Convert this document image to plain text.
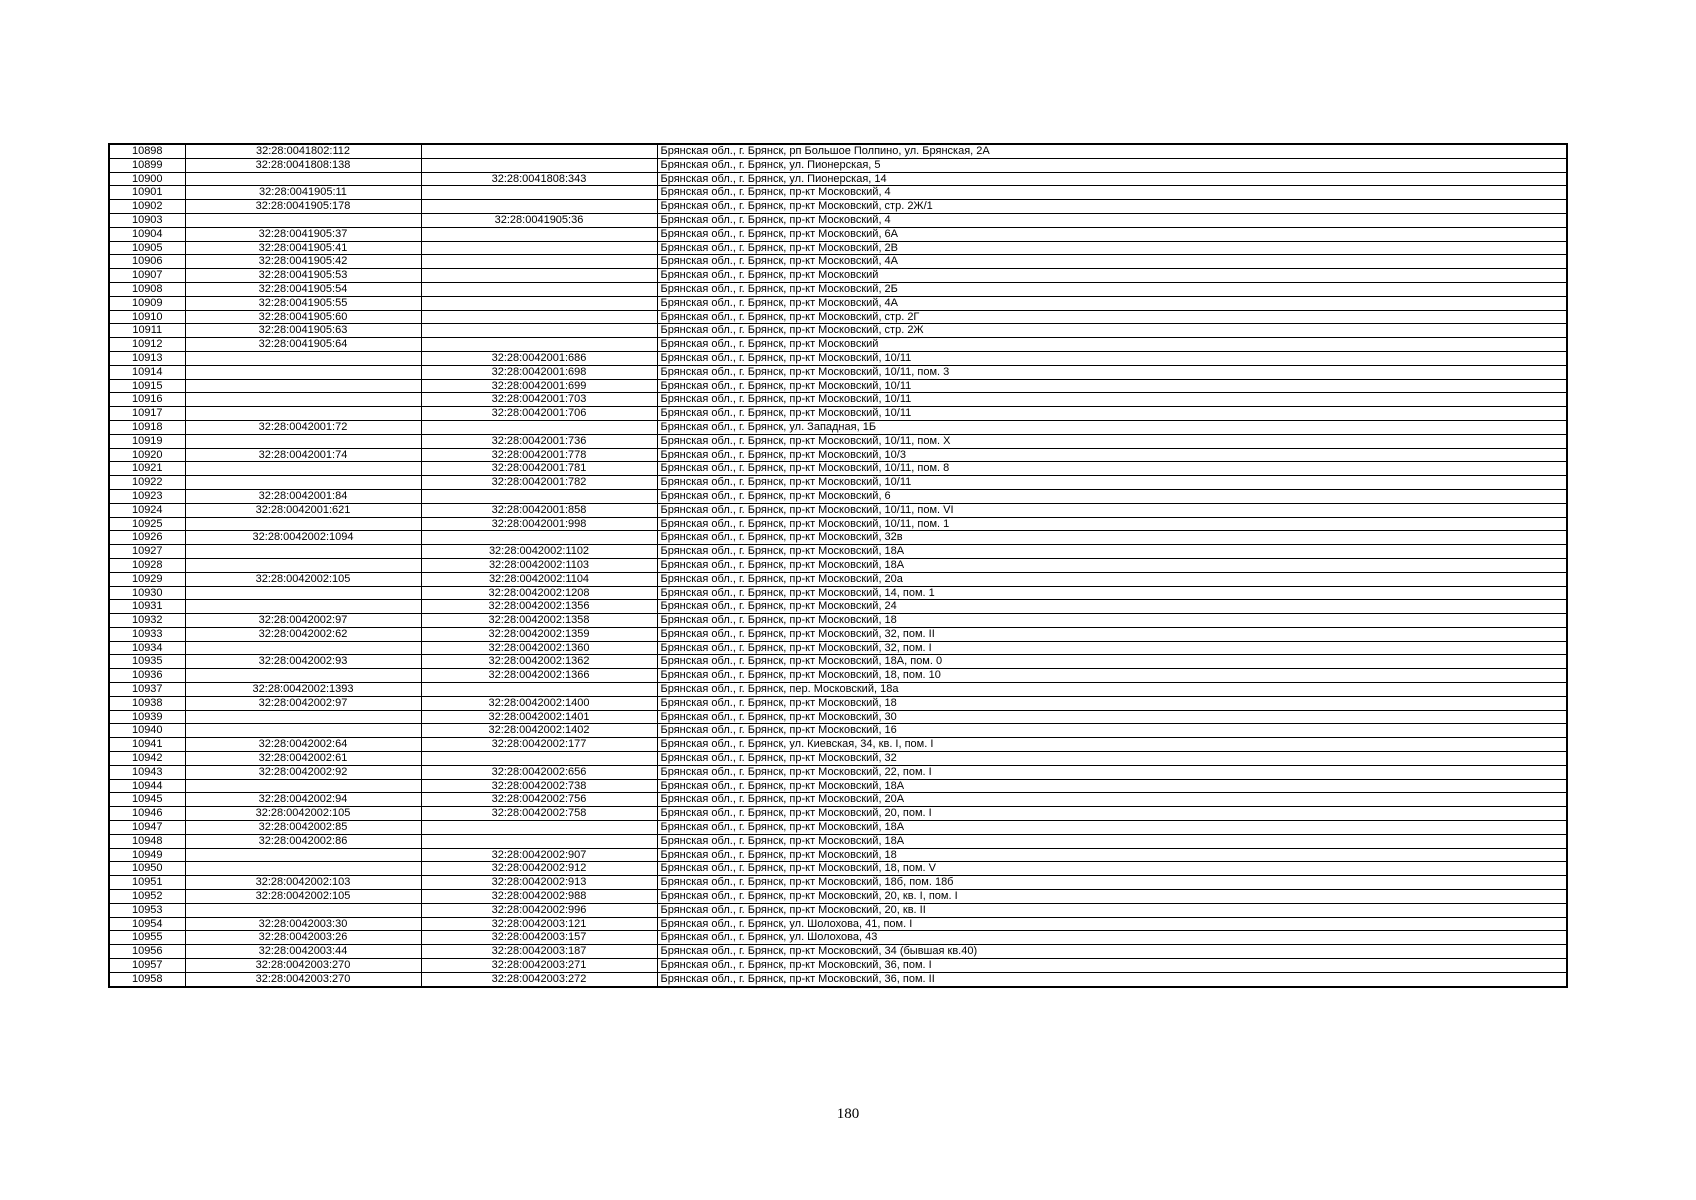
10898	32:28:0041802:112		Брянская обл., г. Брянск, рп Большое Полпино, ул. Брянская, 2А
10899	32:28:0041808:138		Брянская обл., г. Брянск, ул. Пионерская, 5
10900		32:28:0041808:343	Брянская обл., г. Брянск, ул. Пионерская, 14
10901	32:28:0041905:11		Брянская обл., г. Брянск, пр-кт Московский, 4
10902	32:28:0041905:178		Брянская обл., г. Брянск, пр-кт Московский, стр. 2Ж/1
10903		32:28:0041905:36	Брянская обл., г. Брянск, пр-кт Московский, 4
10904	32:28:0041905:37		Брянская обл., г. Брянск, пр-кт Московский, 6А
10905	32:28:0041905:41		Брянская обл., г. Брянск, пр-кт Московский, 2В
10906	32:28:0041905:42		Брянская обл., г. Брянск, пр-кт Московский, 4А
10907	32:28:0041905:53		Брянская обл., г. Брянск, пр-кт Московский
10908	32:28:0041905:54		Брянская обл., г. Брянск, пр-кт Московский, 2Б
10909	32:28:0041905:55		Брянская обл., г. Брянск, пр-кт Московский, 4А
10910	32:28:0041905:60		Брянская обл., г. Брянск, пр-кт Московский, стр. 2Г
10911	32:28:0041905:63		Брянская обл., г. Брянск, пр-кт Московский, стр. 2Ж
10912	32:28:0041905:64		Брянская обл., г. Брянск, пр-кт Московский
10913		32:28:0042001:686	Брянская обл., г. Брянск, пр-кт Московский, 10/11
10914		32:28:0042001:698	Брянская обл., г. Брянск, пр-кт Московский, 10/11, пом. 3
10915		32:28:0042001:699	Брянская обл., г. Брянск, пр-кт Московский, 10/11
10916		32:28:0042001:703	Брянская обл., г. Брянск, пр-кт Московский, 10/11
10917		32:28:0042001:706	Брянская обл., г. Брянск, пр-кт Московский, 10/11
10918	32:28:0042001:72		Брянская обл., г. Брянск, ул. Западная, 1Б
10919		32:28:0042001:736	Брянская обл., г. Брянск, пр-кт Московский, 10/11, пом. X
10920	32:28:0042001:74	32:28:0042001:778	Брянская обл., г. Брянск, пр-кт Московский, 10/3
10921		32:28:0042001:781	Брянская обл., г. Брянск, пр-кт Московский, 10/11, пом. 8
10922		32:28:0042001:782	Брянская обл., г. Брянск, пр-кт Московский, 10/11
10923	32:28:0042001:84		Брянская обл., г. Брянск, пр-кт Московский, 6
10924	32:28:0042001:621	32:28:0042001:858	Брянская обл., г. Брянск, пр-кт Московский, 10/11, пом. VI
10925		32:28:0042001:998	Брянская обл., г. Брянск, пр-кт Московский, 10/11, пом. 1
10926	32:28:0042002:1094		Брянская обл., г. Брянск, пр-кт Московский, 32в
10927		32:28:0042002:1102	Брянская обл., г. Брянск, пр-кт Московский, 18А
10928		32:28:0042002:1103	Брянская обл., г. Брянск, пр-кт Московский, 18А
10929	32:28:0042002:105	32:28:0042002:1104	Брянская обл., г. Брянск, пр-кт Московский, 20а
10930		32:28:0042002:1208	Брянская обл., г. Брянск, пр-кт Московский, 14, пом. 1
10931		32:28:0042002:1356	Брянская обл., г. Брянск, пр-кт Московский, 24
10932	32:28:0042002:97	32:28:0042002:1358	Брянская обл., г. Брянск, пр-кт Московский, 18
10933	32:28:0042002:62	32:28:0042002:1359	Брянская обл., г. Брянск, пр-кт Московский, 32, пом. II
10934		32:28:0042002:1360	Брянская обл., г. Брянск, пр-кт Московский, 32, пом. I
10935	32:28:0042002:93	32:28:0042002:1362	Брянская обл., г. Брянск, пр-кт Московский, 18А, пом. 0
10936		32:28:0042002:1366	Брянская обл., г. Брянск, пр-кт Московский, 18, пом. 10
10937	32:28:0042002:1393		Брянская обл., г. Брянск, пер. Московский, 18а
10938	32:28:0042002:97	32:28:0042002:1400	Брянская обл., г. Брянск, пр-кт Московский, 18
10939		32:28:0042002:1401	Брянская обл., г. Брянск, пр-кт Московский, 30
10940		32:28:0042002:1402	Брянская обл., г. Брянск, пр-кт Московский, 16
10941	32:28:0042002:64	32:28:0042002:177	Брянская обл., г. Брянск, ул. Киевская, 34, кв. I, пом. I
10942	32:28:0042002:61		Брянская обл., г. Брянск, пр-кт Московский, 32
10943	32:28:0042002:92	32:28:0042002:656	Брянская обл., г. Брянск, пр-кт Московский, 22, пом. I
10944		32:28:0042002:738	Брянская обл., г. Брянск, пр-кт Московский, 18А
10945	32:28:0042002:94	32:28:0042002:756	Брянская обл., г. Брянск, пр-кт Московский, 20А
10946	32:28:0042002:105	32:28:0042002:758	Брянская обл., г. Брянск, пр-кт Московский, 20, пом. I
10947	32:28:0042002:85		Брянская обл., г. Брянск, пр-кт Московский, 18А
10948	32:28:0042002:86		Брянская обл., г. Брянск, пр-кт Московский, 18А
10949		32:28:0042002:907	Брянская обл., г. Брянск, пр-кт Московский, 18
10950		32:28:0042002:912	Брянская обл., г. Брянск, пр-кт Московский, 18, пом. V
10951	32:28:0042002:103	32:28:0042002:913	Брянская обл., г. Брянск, пр-кт Московский, 18б, пом. 18б
10952	32:28:0042002:105	32:28:0042002:988	Брянская обл., г. Брянск, пр-кт Московский, 20, кв. I, пом. I
10953		32:28:0042002:996	Брянская обл., г. Брянск, пр-кт Московский, 20, кв. II
10954	32:28:0042003:30	32:28:0042003:121	Брянская обл., г. Брянск, ул. Шолохова, 41, пом. I
10955	32:28:0042003:26	32:28:0042003:157	Брянская обл., г. Брянск, ул. Шолохова, 43
10956	32:28:0042003:44	32:28:0042003:187	Брянская обл., г. Брянск, пр-кт Московский, 34 (бывшая кв.40)
10957	32:28:0042003:270	32:28:0042003:271	Брянская обл., г. Брянск, пр-кт Московский, 36, пом. I
10958	32:28:0042003:270	32:28:0042003:272	Брянская обл., г. Брянск, пр-кт Московский, 36, пом. II
180
